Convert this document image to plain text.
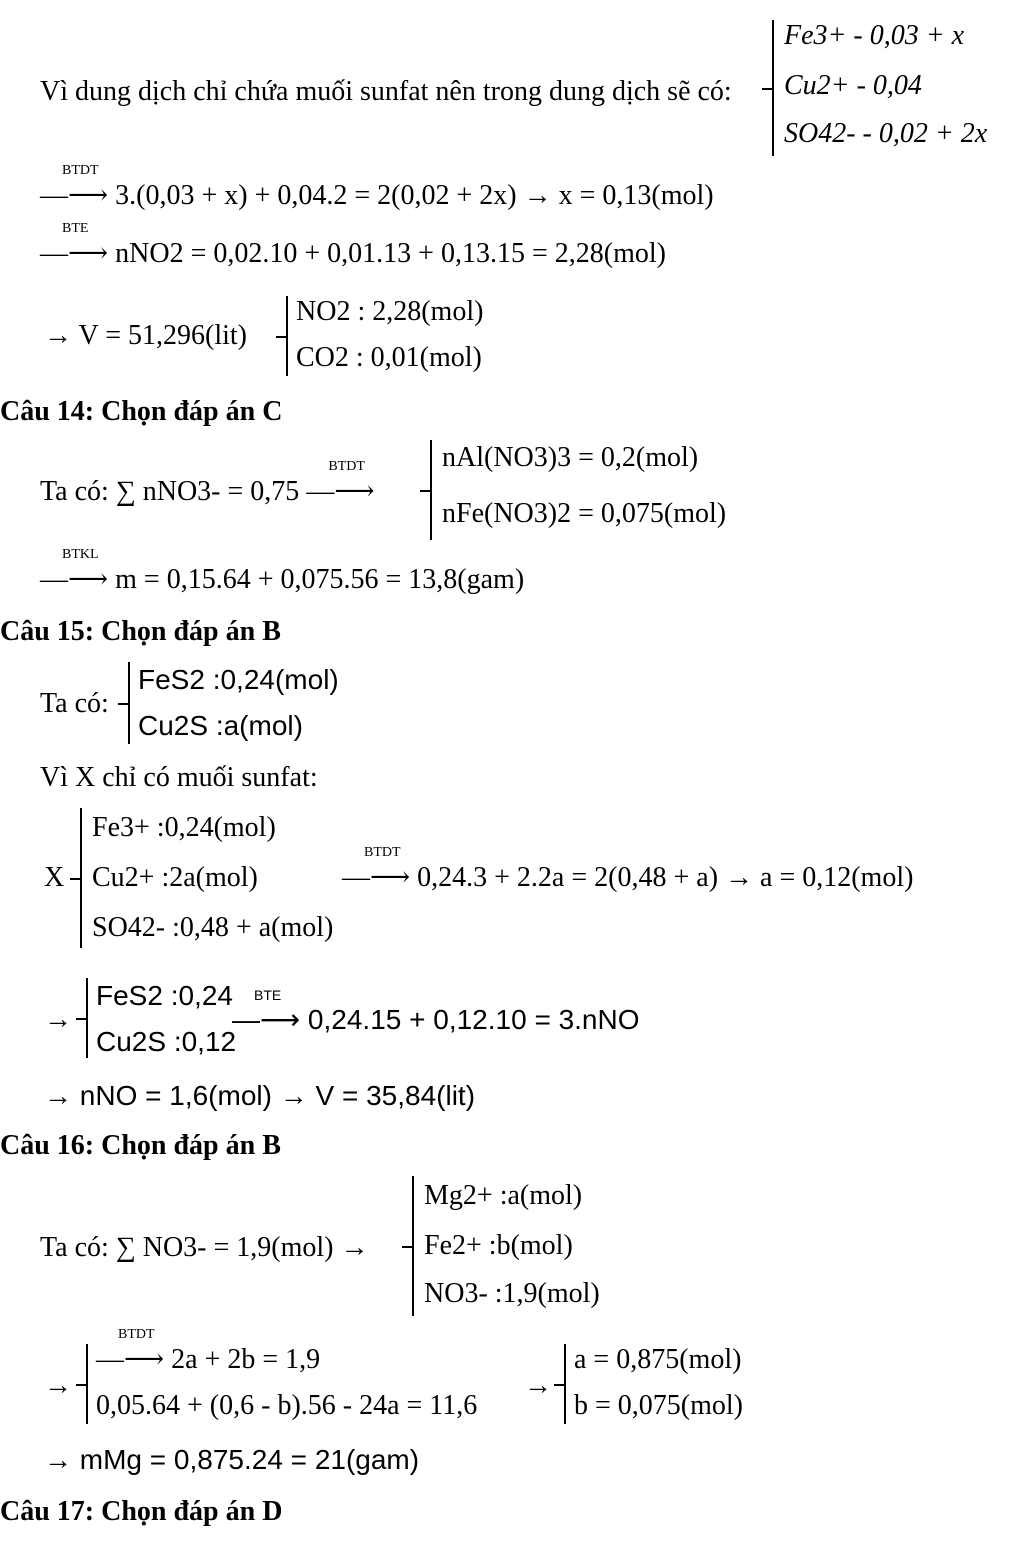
Vì dung dịch chỉ chứa muối sunfat nên trong dung dịch sẽ có:
Fe3+ - 0,03 + x
Cu2+ - 0,04
SO42- - 0,02 + 2x
—⟶
BTDT
3.(0,03 + x) + 0,04.2 = 2(0,02 + 2x) → x = 0,13(mol)
—⟶
BTE
nNO2 = 0,02.10 + 0,01.13 + 0,13.15 = 2,28(mol)
→ V = 51,296(lit)
NO2 : 2,28(mol)
CO2 : 0,01(mol)
Câu 14: Chọn đáp án C
Ta có: ∑ nNO3- = 0,75 —⟶
BTDT	nAl(NO3)3 = 0,2(mol)
nFe(NO3)2 = 0,075(mol)
—⟶
BTKL
m = 0,15.64 + 0,075.56 = 13,8(gam)
Câu 15: Chọn đáp án B
Ta có:
FeS2 :0,24(mol)
Cu2S :a(mol)
Vì X chỉ có muối sunfat:
X
Fe3+ :0,24(mol)
Cu2+ :2a(mol)
SO42- :0,48 + a(mol)
—⟶
BTDT
0,24.3 + 2.2a = 2(0,48 + a) → a = 0,12(mol)
→
FeS2 :0,24
Cu2S :0,12
—⟶
BTE
0,24.15 + 0,12.10 = 3.nNO
→ nNO = 1,6(mol) → V = 35,84(lit)
Câu 16: Chọn đáp án B
Ta có: ∑ NO3- = 1,9(mol) →
Mg2+ :a(mol)
Fe2+ :b(mol)
NO3- :1,9(mol)
→
—⟶
BTDT
2a + 2b = 1,9
0,05.64 + (0,6 - b).56 - 24a = 11,6
→
a = 0,875(mol)
b = 0,075(mol)
→ mMg = 0,875.24 = 21(gam)
Câu 17: Chọn đáp án D
